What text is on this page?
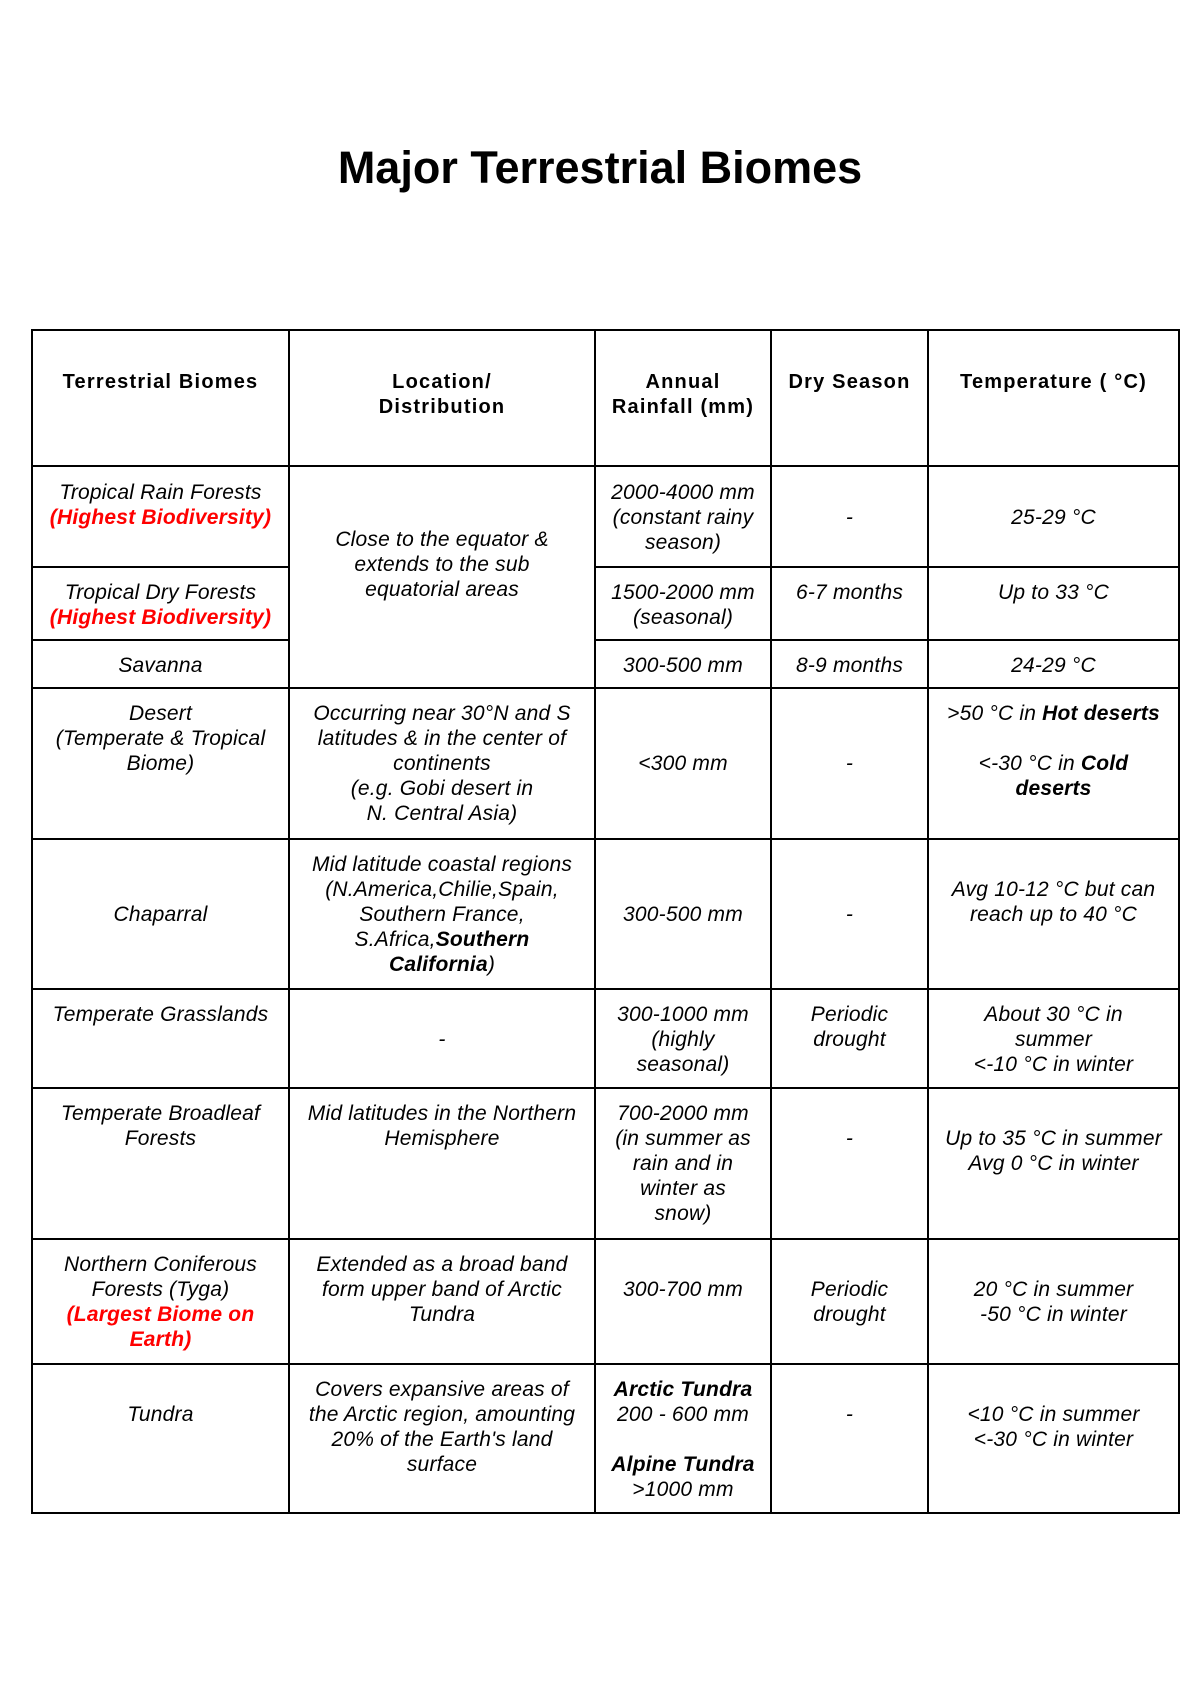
Major Terrestrial Biomes
Terrestrial Biomes	Location/
Distribution	Annual
Rainfall (mm)	Dry Season	Temperature ( °C)

Tropical Rain Forests
(Highest Biodiversity)	Close to the equator &
extends to the sub
equatorial areas	2000-4000 mm
(constant rainy
season)	-	25-29 °C

Tropical Dry Forests
(Highest Biodiversity)		1500-2000 mm
(seasonal)	6-7 months	Up to 33 °C
Savanna		300-500 mm	8-9 months	24-29 °C

Desert
(Temperate & Tropical
Biome)	Occurring near 30°N and S
latitudes & in the center of
continents
(e.g. Gobi desert in
N. Central Asia)	<300 mm	-	>50 °C in Hot deserts

<-30 °C in Cold
deserts

Chaparral	Mid latitude coastal regions
(N.America,Chilie,Spain,
Southern France,
S.Africa,Southern
California)	300-500 mm	-	Avg 10-12 °C but can
reach up to 40 °C

Temperate Grasslands	-	300-1000 mm
(highly
seasonal)	Periodic
drought	About 30 °C in
summer
<-10 °C in winter

Temperate Broadleaf
Forests	Mid latitudes in the Northern
Hemisphere	700-2000 mm
(in summer as
rain and in
winter as
snow)	-	Up to 35 °C in summer
Avg 0 °C in winter

Northern Coniferous
Forests (Tyga)
(Largest Biome on
Earth)	Extended as a broad band
form upper band of Arctic
Tundra	300-700 mm	Periodic
drought	20 °C in summer
-50 °C in winter

Tundra	Covers expansive areas of
the Arctic region, amounting
20% of the Earth's land
surface	Arctic Tundra
200 - 600 mm

Alpine Tundra
>1000 mm	-	<10 °C in summer
<-30 °C in winter
